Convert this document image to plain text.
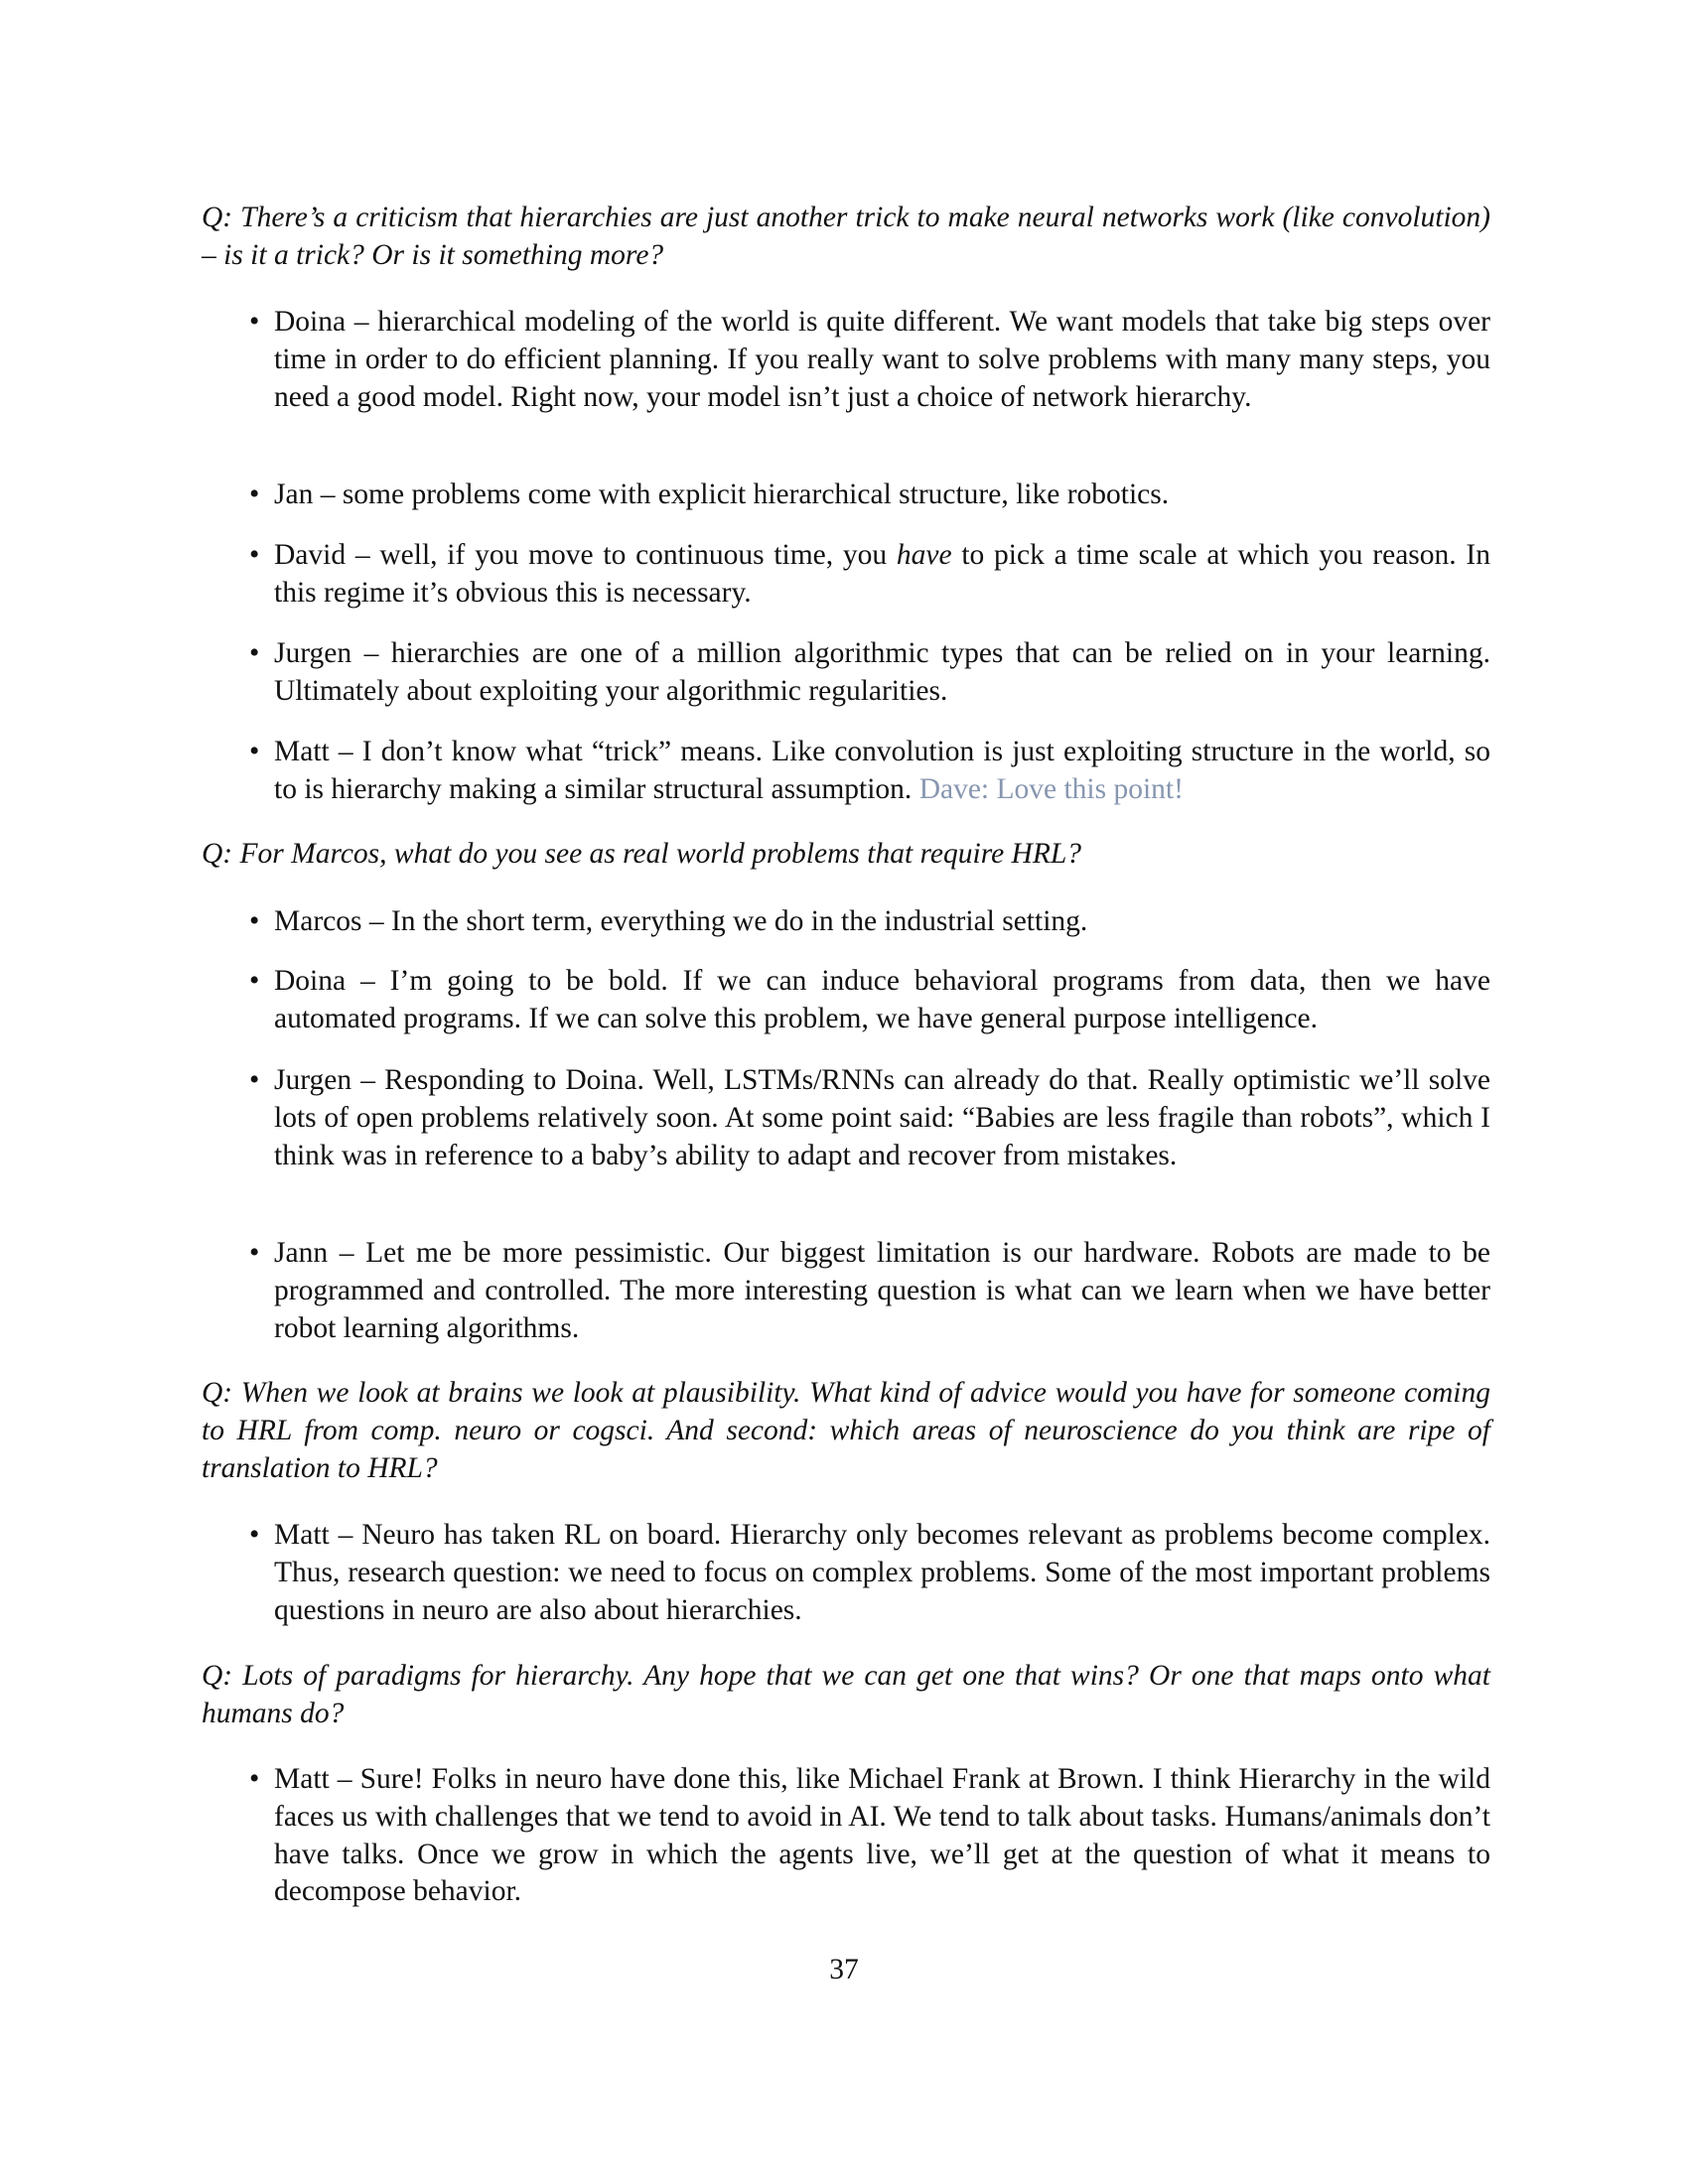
Q: There’s a criticism that hierarchies are just another trick to make neural networks work (like convolution) – is it a trick? Or is it something more?
• Doina – hierarchical modeling of the world is quite different. We want models that take big steps over time in order to do efficient planning. If you really want to solve problems with many many steps, you need a good model. Right now, your model isn’t just a choice of network hierarchy.
• Jan – some problems come with explicit hierarchical structure, like robotics.
• David – well, if you move to continuous time, you have to pick a time scale at which you reason. In this regime it’s obvious this is necessary.
• Jurgen – hierarchies are one of a million algorithmic types that can be relied on in your learning. Ultimately about exploiting your algorithmic regularities.
• Matt – I don’t know what “trick” means. Like convolution is just exploiting structure in the world, so to is hierarchy making a similar structural assumption. Dave: Love this point!
Q: For Marcos, what do you see as real world problems that require HRL?
• Marcos – In the short term, everything we do in the industrial setting.
• Doina – I’m going to be bold. If we can induce behavioral programs from data, then we have automated programs. If we can solve this problem, we have general purpose intelligence.
• Jurgen – Responding to Doina. Well, LSTMs/RNNs can already do that. Really optimistic we’ll solve lots of open problems relatively soon. At some point said: “Babies are less fragile than robots”, which I think was in reference to a baby’s ability to adapt and recover from mistakes.
• Jann – Let me be more pessimistic. Our biggest limitation is our hardware. Robots are made to be programmed and controlled. The more interesting question is what can we learn when we have better robot learning algorithms.
Q: When we look at brains we look at plausibility. What kind of advice would you have for someone coming to HRL from comp. neuro or cogsci. And second: which areas of neuroscience do you think are ripe of translation to HRL?
• Matt – Neuro has taken RL on board. Hierarchy only becomes relevant as problems become complex. Thus, research question: we need to focus on complex problems. Some of the most important problems questions in neuro are also about hierarchies.
Q: Lots of paradigms for hierarchy. Any hope that we can get one that wins? Or one that maps onto what humans do?
• Matt – Sure! Folks in neuro have done this, like Michael Frank at Brown. I think Hierarchy in the wild faces us with challenges that we tend to avoid in AI. We tend to talk about tasks. Humans/animals don’t have talks. Once we grow in which the agents live, we’ll get at the question of what it means to decompose behavior.
37
